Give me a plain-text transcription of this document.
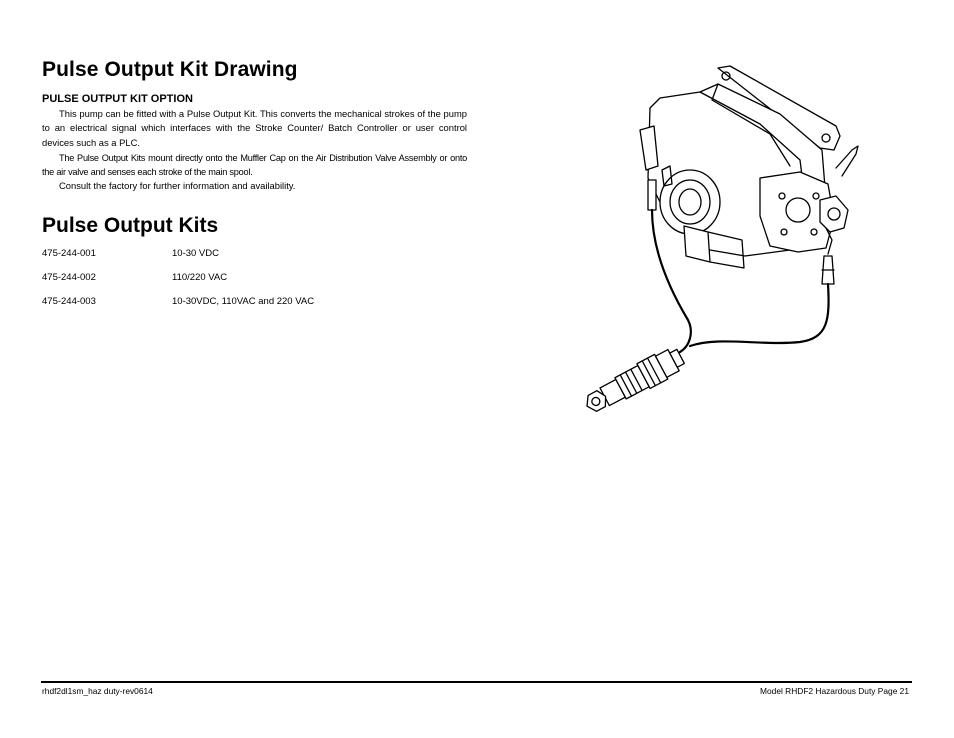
Pulse Output Kit Drawing
PULSE OUTPUT KIT OPTION
This pump can be fitted with a Pulse Output Kit. This converts the mechanical strokes of the pump to an electrical signal which interfaces with the Stroke Counter/ Batch Controller or user control devices such as a PLC.
The Pulse Output Kits mount directly onto the Muffler Cap on the Air Distribution Valve Assembly or onto the air valve and senses each stroke of the main spool.
Consult the factory for further information and availability.
Pulse Output Kits
475-244-001	10-30 VDC
475-244-002	110/220 VAC
475-244-003	10-30VDC, 110VAC and 220 VAC
rhdf2dl1sm_haz duty-rev0614	Model RHDF2 Hazardous Duty Page 21
